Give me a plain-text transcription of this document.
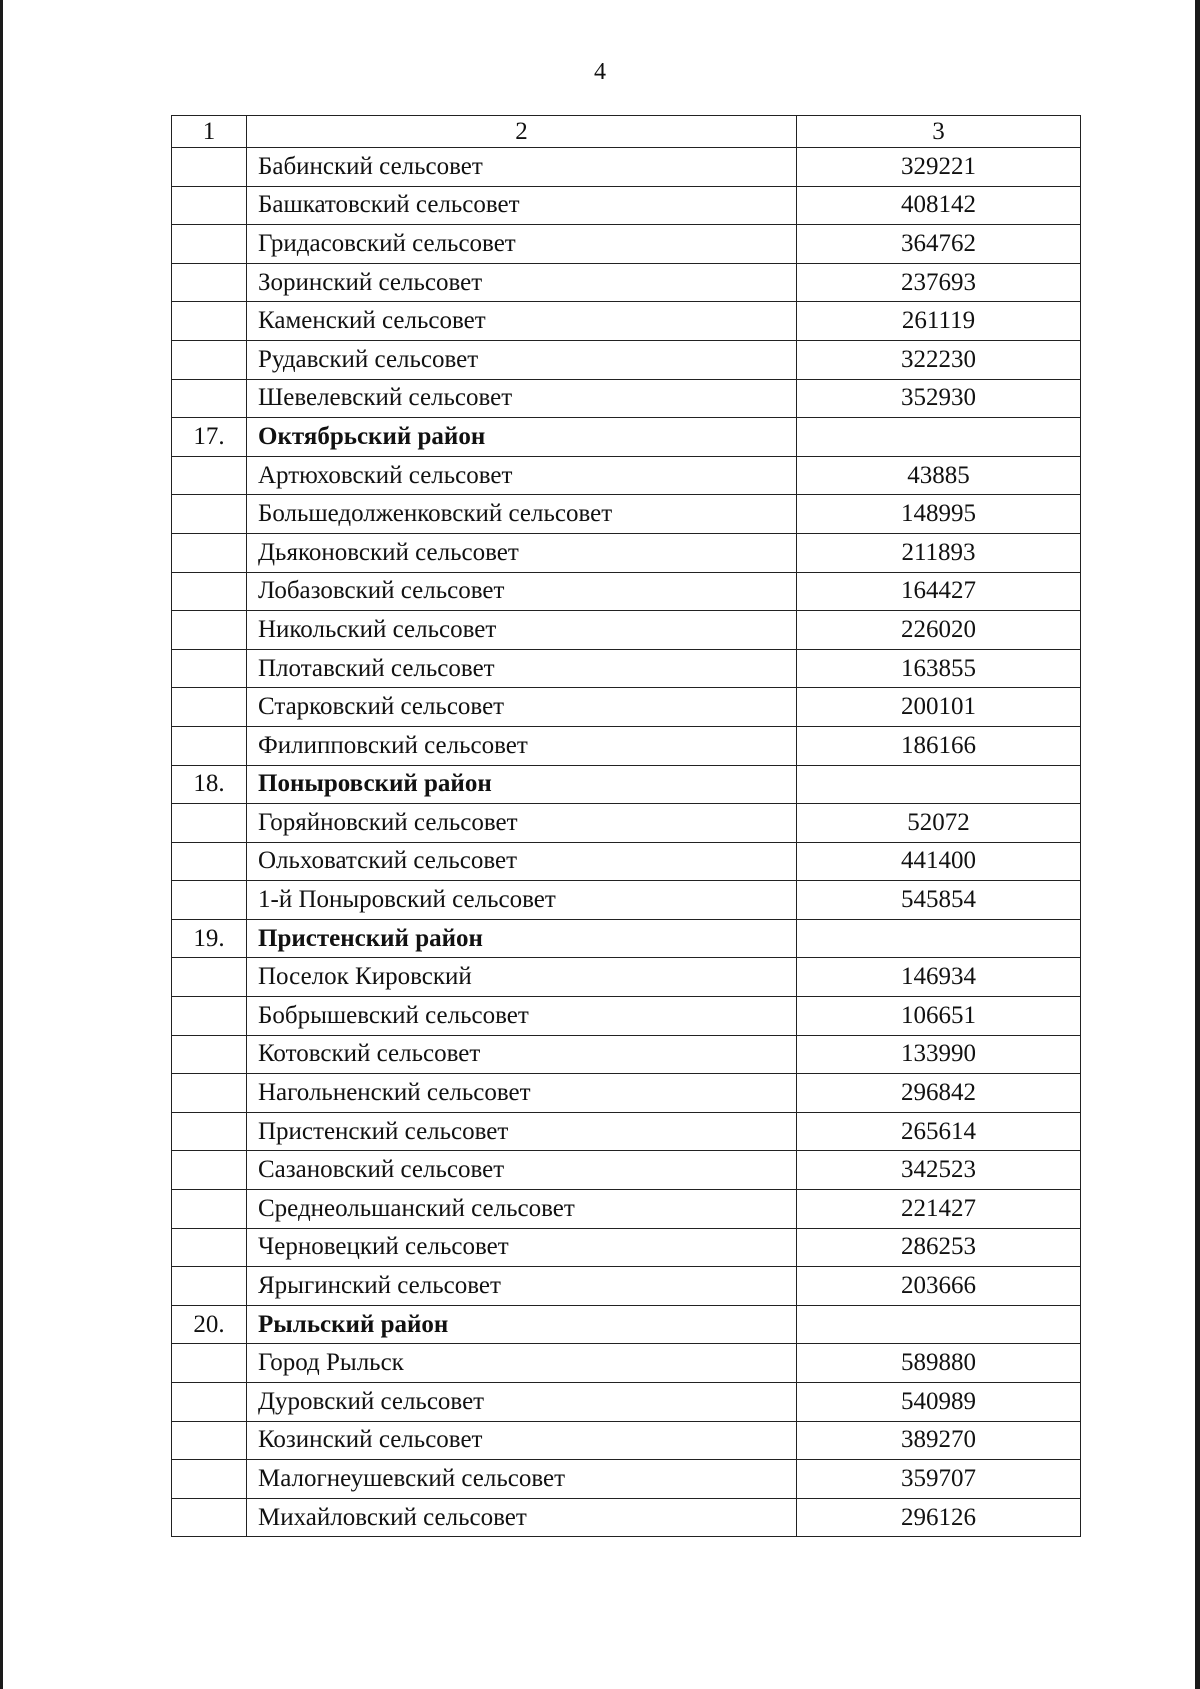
4
1	2	3
	Бабинский сельсовет	329221
	Башкатовский сельсовет	408142
	Гридасовский сельсовет	364762
	Зоринский сельсовет	237693
	Каменский сельсовет	261119
	Рудавский сельсовет	322230
	Шевелевский сельсовет	352930
17.	Октябрьский район	
	Артюховский сельсовет	43885
	Большедолженковский сельсовет	148995
	Дьяконовский сельсовет	211893
	Лобазовский сельсовет	164427
	Никольский сельсовет	226020
	Плотавский сельсовет	163855
	Старковский сельсовет	200101
	Филипповский сельсовет	186166
18.	Поныровский район	
	Горяйновский сельсовет	52072
	Ольховатский сельсовет	441400
	1-й Поныровский сельсовет	545854
19.	Пристенский район	
	Поселок Кировский	146934
	Бобрышевский сельсовет	106651
	Котовский сельсовет	133990
	Нагольненский сельсовет	296842
	Пристенский сельсовет	265614
	Сазановский сельсовет	342523
	Среднеольшанский сельсовет	221427
	Черновецкий сельсовет	286253
	Ярыгинский сельсовет	203666
20.	Рыльский район	
	Город Рыльск	589880
	Дуровский сельсовет	540989
	Козинский сельсовет	389270
	Малогнеушевский сельсовет	359707
	Михайловский сельсовет	296126
